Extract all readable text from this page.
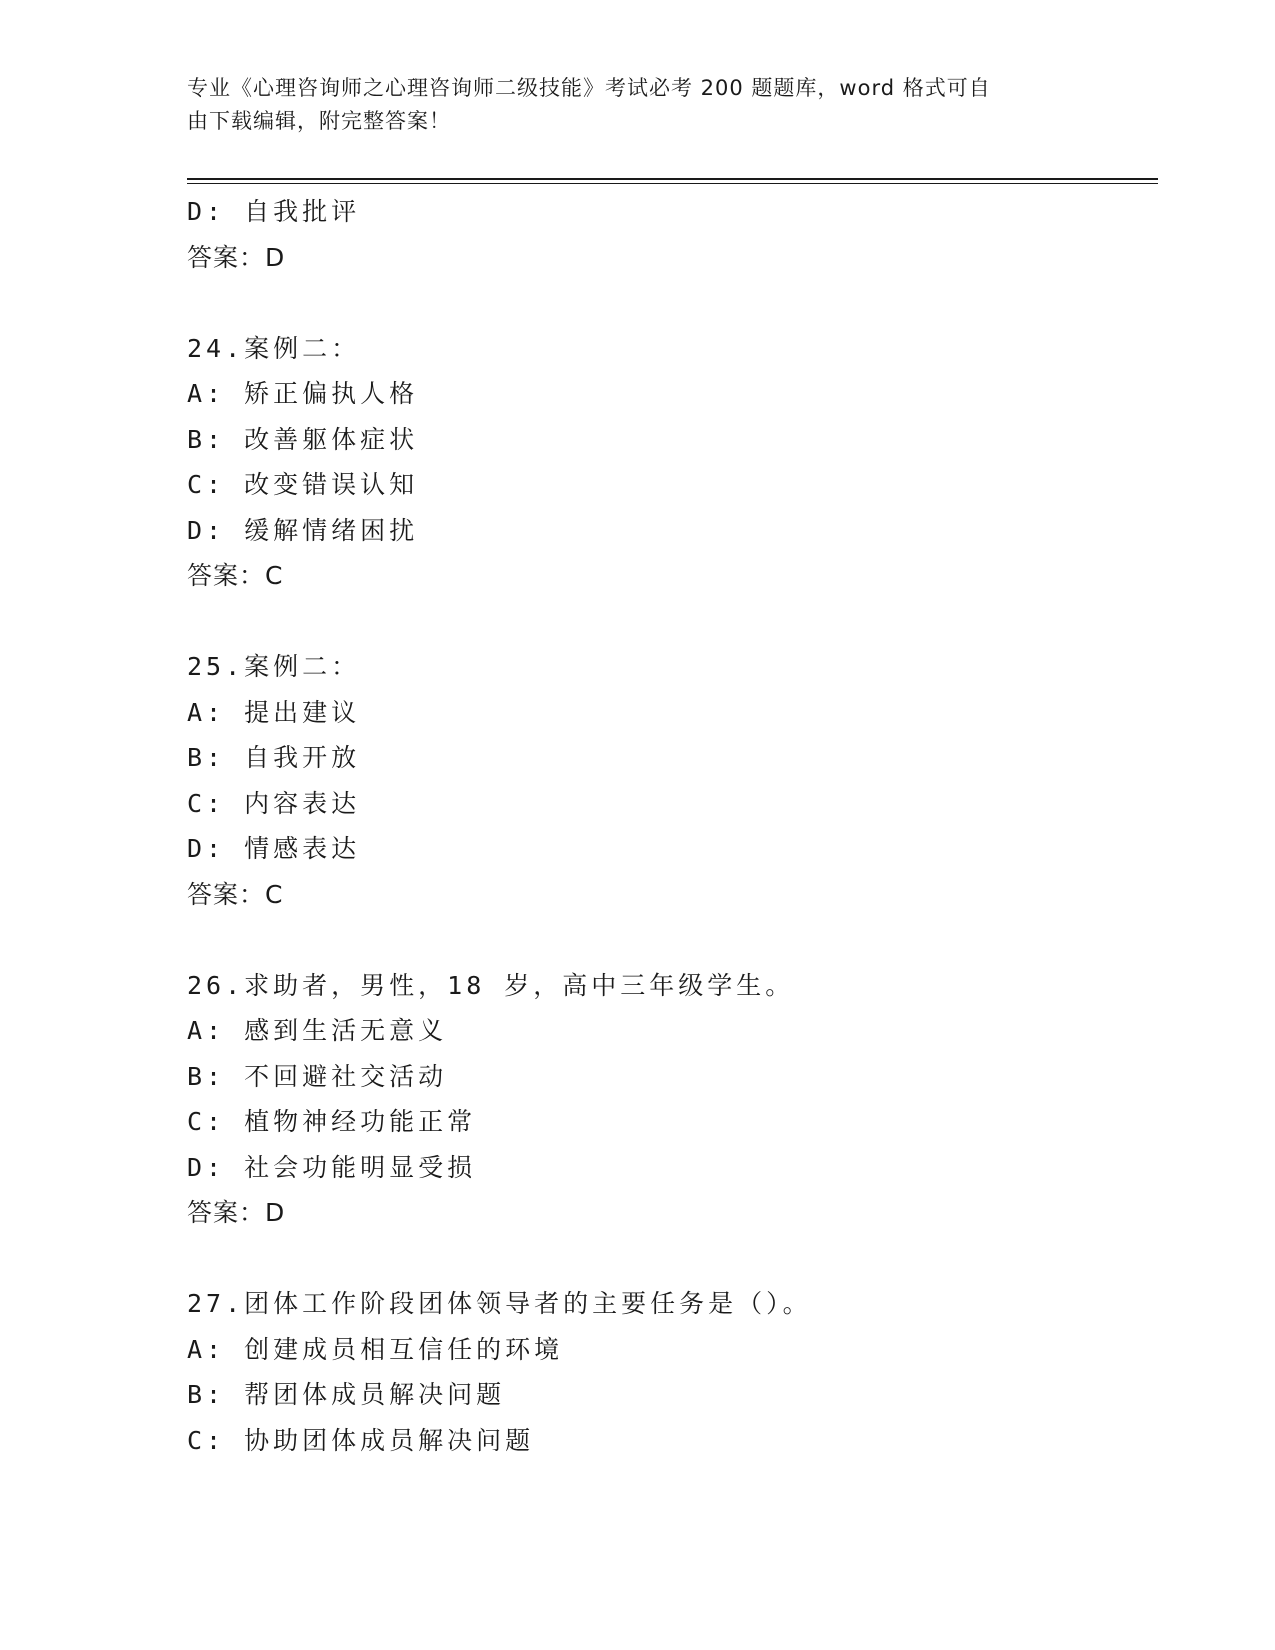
专业《心理咨询师之心理咨询师二级技能》考试必考 200 题题库，word 格式可自
由下载编辑，附完整答案！
D: 自我批评
答案：D
24.案例二：
A: 矫正偏执人格
B: 改善躯体症状
C: 改变错误认知
D: 缓解情绪困扰
答案：C
25.案例二：
A: 提出建议
B: 自我开放
C: 内容表达
D: 情感表达
答案：C
26.求助者，男性，18 岁，高中三年级学生。
A: 感到生活无意义
B: 不回避社交活动
C: 植物神经功能正常
D: 社会功能明显受损
答案：D
27.团体工作阶段团体领导者的主要任务是（）。
A: 创建成员相互信任的环境
B: 帮团体成员解决问题
C: 协助团体成员解决问题
